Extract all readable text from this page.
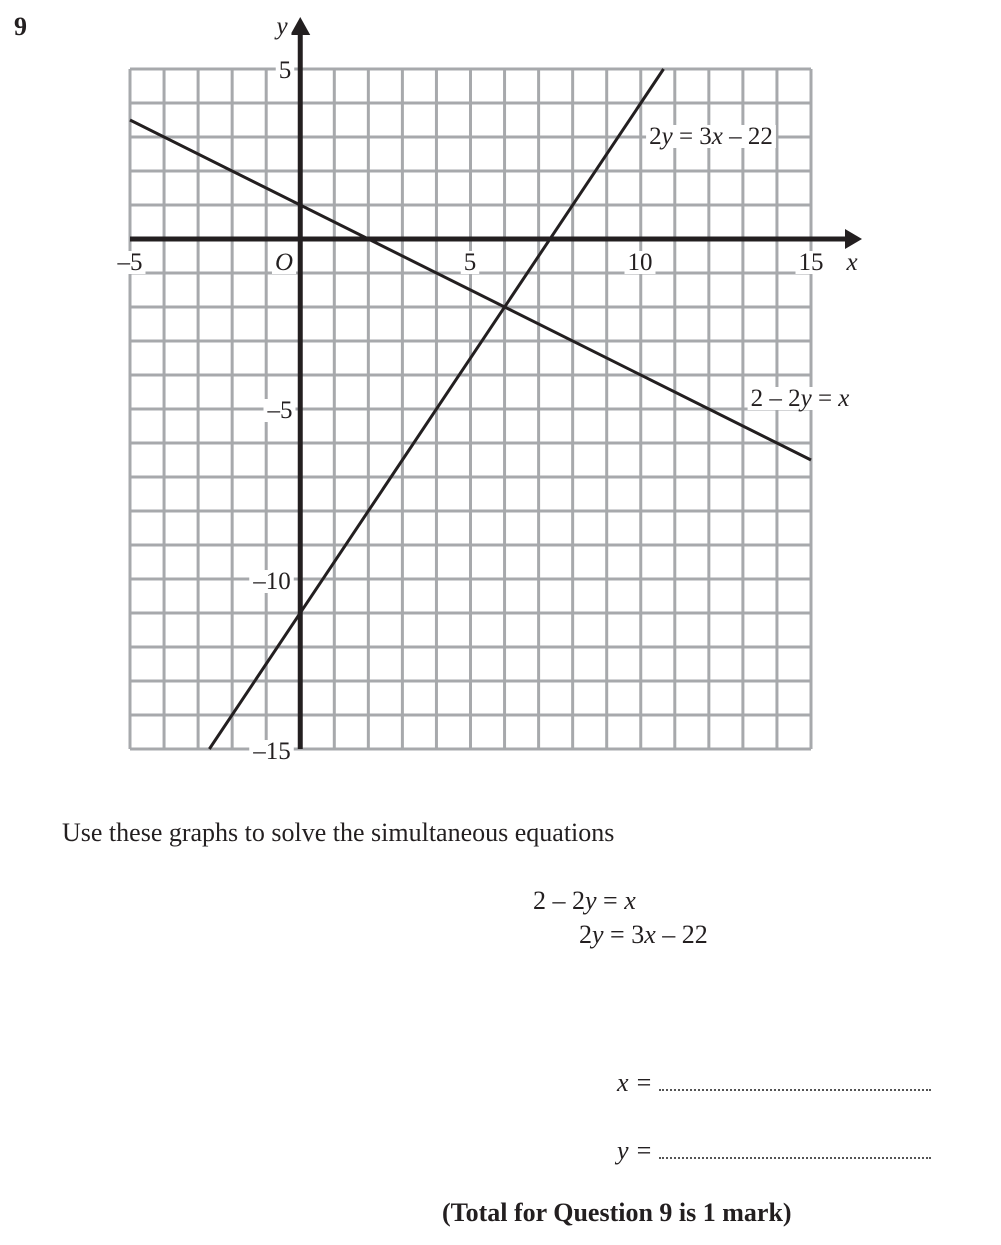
9
–5	5	10	15
5
–5
–10
–15
x
y
O
2y = 3x – 22
2 – 2y = x
Use these graphs to solve the simultaneous equations
2 – 2y = x
2y = 3x – 22
x =
y =
(Total for Question 9 is 1 mark)
